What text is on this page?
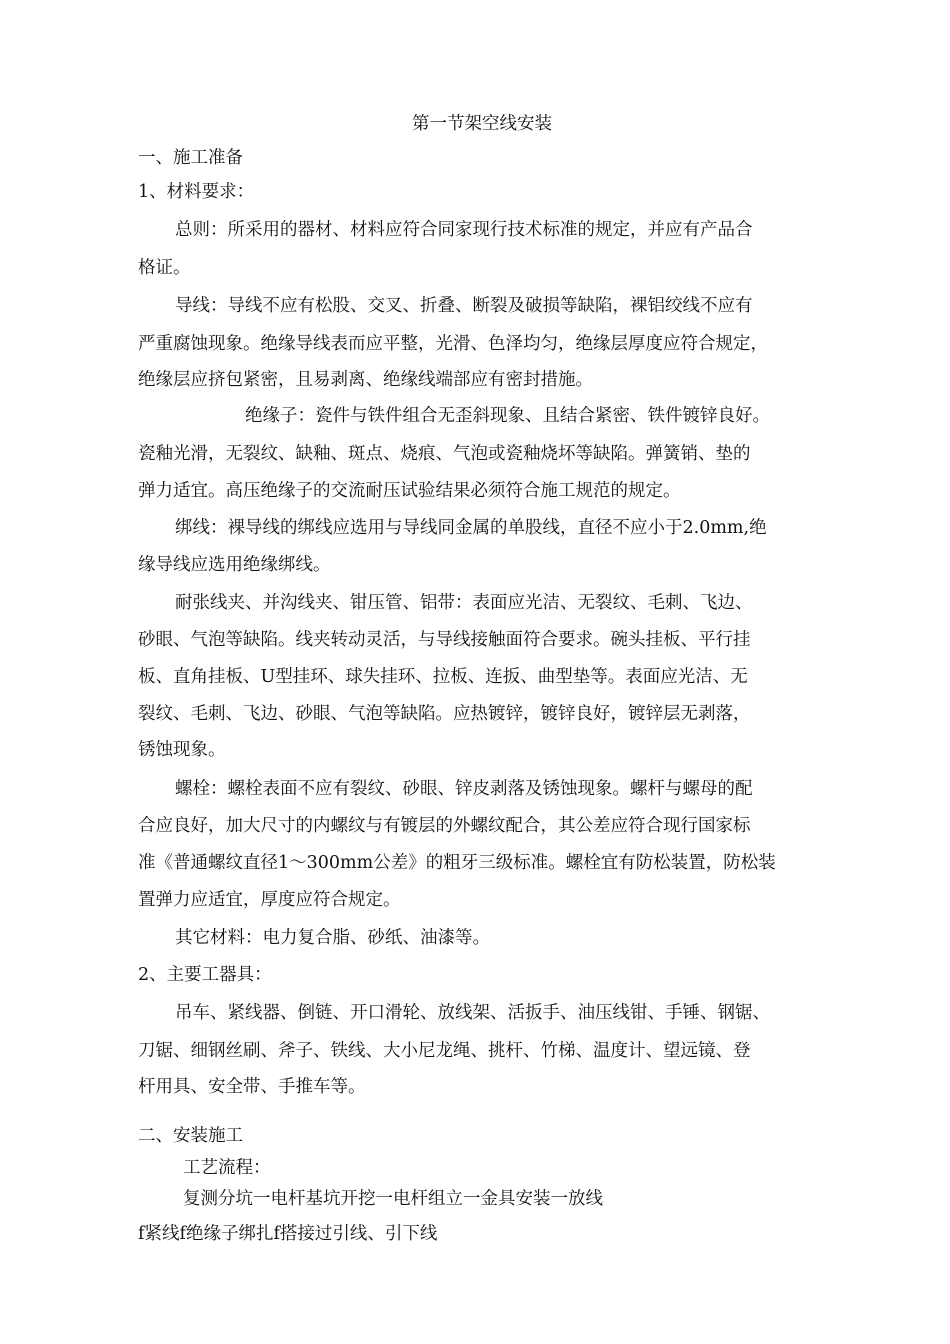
第一节架空线安装
一、施工准备
1、材料要求：
总则：所采用的器材、材料应符合同家现行技术标准的规定，并应有产品合
格证。
导线：导线不应有松股、交叉、折叠、断裂及破损等缺陷，裸铝绞线不应有
严重腐蚀现象。绝缘导线表而应平整，光滑、色泽均匀，绝缘层厚度应符合规定，
绝缘层应挤包紧密，且易剥离、绝缘线端部应有密封措施。
绝缘子：瓷件与铁件组合无歪斜现象、且结合紧密、铁件镀锌良好。
瓷釉光滑，无裂纹、缺釉、斑点、烧痕、气泡或瓷釉烧坏等缺陷。弹簧销、垫的
弹力适宜。高压绝缘子的交流耐压试验结果必须符合施工规范的规定。
绑线：裸导线的绑线应选用与导线同金属的单股线，直径不应小于2.0mm,绝
缘导线应选用绝缘绑线。
耐张线夹、并沟线夹、钳压管、铝带：表面应光洁、无裂纹、毛刺、飞边、
砂眼、气泡等缺陷。线夹转动灵活，与导线接触面符合要求。碗头挂板、平行挂
板、直角挂板、U型挂环、球失挂环、拉板、连扳、曲型垫等。表面应光洁、无
裂纹、毛刺、飞边、砂眼、气泡等缺陷。应热镀锌，镀锌良好，镀锌层无剥落，
锈蚀现象。
螺栓：螺栓表面不应有裂纹、砂眼、锌皮剥落及锈蚀现象。螺杆与螺母的配
合应良好，加大尺寸的内螺纹与有镀层的外螺纹配合，其公差应符合现行国家标
准《普通螺纹直径1〜300mm公差》的粗牙三级标准。螺栓宜有防松装置，防松装
置弹力应适宜，厚度应符合规定。
其它材料：电力复合脂、砂纸、油漆等。
2、主要工器具：
吊车、紧线器、倒链、开口滑轮、放线架、活扳手、油压线钳、手锤、钢锯、
刀锯、细钢丝刷、斧子、铁线、大小尼龙绳、挑杆、竹梯、温度计、望远镜、登
杆用具、安全带、手推车等。
二、安装施工
工艺流程：
复测分坑一电杆基坑开挖一电杆组立一金具安装一放线
f紧线f绝缘子绑扎f搭接过引线、引下线
